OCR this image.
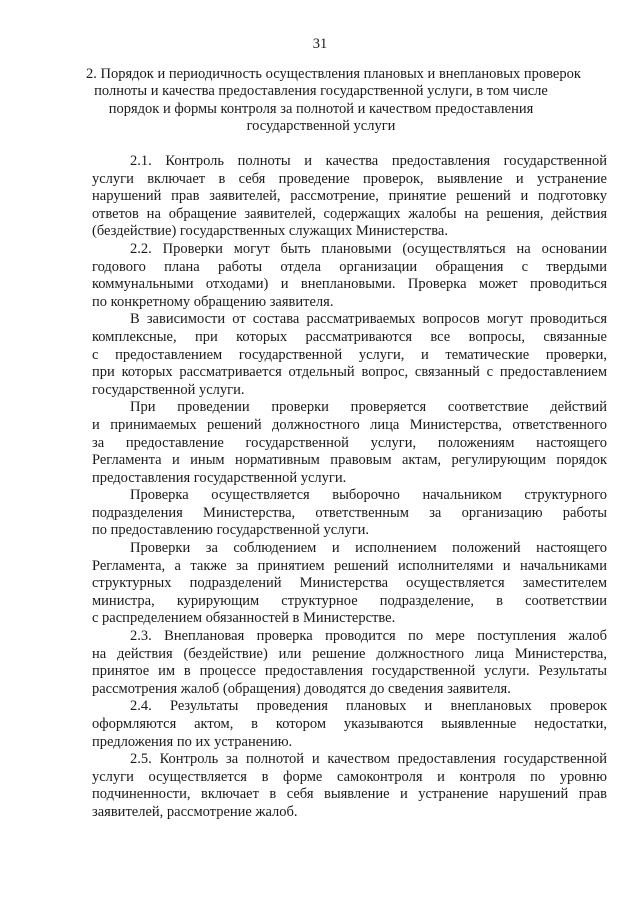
31
2. Порядок и периодичность осуществления плановых и внеплановых проверок
полноты и качества предоставления государственной услуги, в том числе
порядок и формы контроля за полнотой и качеством предоставления
государственной услуги
2.1. Контроль полноты и качества предоставления государственной
услуги включает в себя проведение проверок, выявление и устранение
нарушений прав заявителей, рассмотрение, принятие решений и подготовку
ответов на обращение заявителей, содержащих жалобы на решения, действия
(бездействие) государственных служащих Министерства.
2.2. Проверки могут быть плановыми (осуществляться на основании
годового плана работы отдела организации обращения с твердыми
коммунальными отходами) и внеплановыми. Проверка может проводиться
по конкретному обращению заявителя.
В зависимости от состава рассматриваемых вопросов могут проводиться
комплексные, при которых рассматриваются все вопросы, связанные
с предоставлением государственной услуги, и тематические проверки,
при которых рассматривается отдельный вопрос, связанный с предоставлением
государственной услуги.
При проведении проверки проверяется соответствие действий
и принимаемых решений должностного лица Министерства, ответственного
за предоставление государственной услуги, положениям настоящего
Регламента и иным нормативным правовым актам, регулирующим порядок
предоставления государственной услуги.
Проверка осуществляется выборочно начальником структурного
подразделения Министерства, ответственным за организацию работы
по предоставлению государственной услуги.
Проверки за соблюдением и исполнением положений настоящего
Регламента, а также за принятием решений исполнителями и начальниками
структурных подразделений Министерства осуществляется заместителем
министра, курирующим структурное подразделение, в соответствии
с распределением обязанностей в Министерстве.
2.3. Внеплановая проверка проводится по мере поступления жалоб
на действия (бездействие) или решение должностного лица Министерства,
принятое им в процессе предоставления государственной услуги. Результаты
рассмотрения жалоб (обращения) доводятся до сведения заявителя.
2.4. Результаты проведения плановых и внеплановых проверок
оформляются актом, в котором указываются выявленные недостатки,
предложения по их устранению.
2.5. Контроль за полнотой и качеством предоставления государственной
услуги осуществляется в форме самоконтроля и контроля по уровню
подчиненности, включает в себя выявление и устранение нарушений прав
заявителей, рассмотрение жалоб.
